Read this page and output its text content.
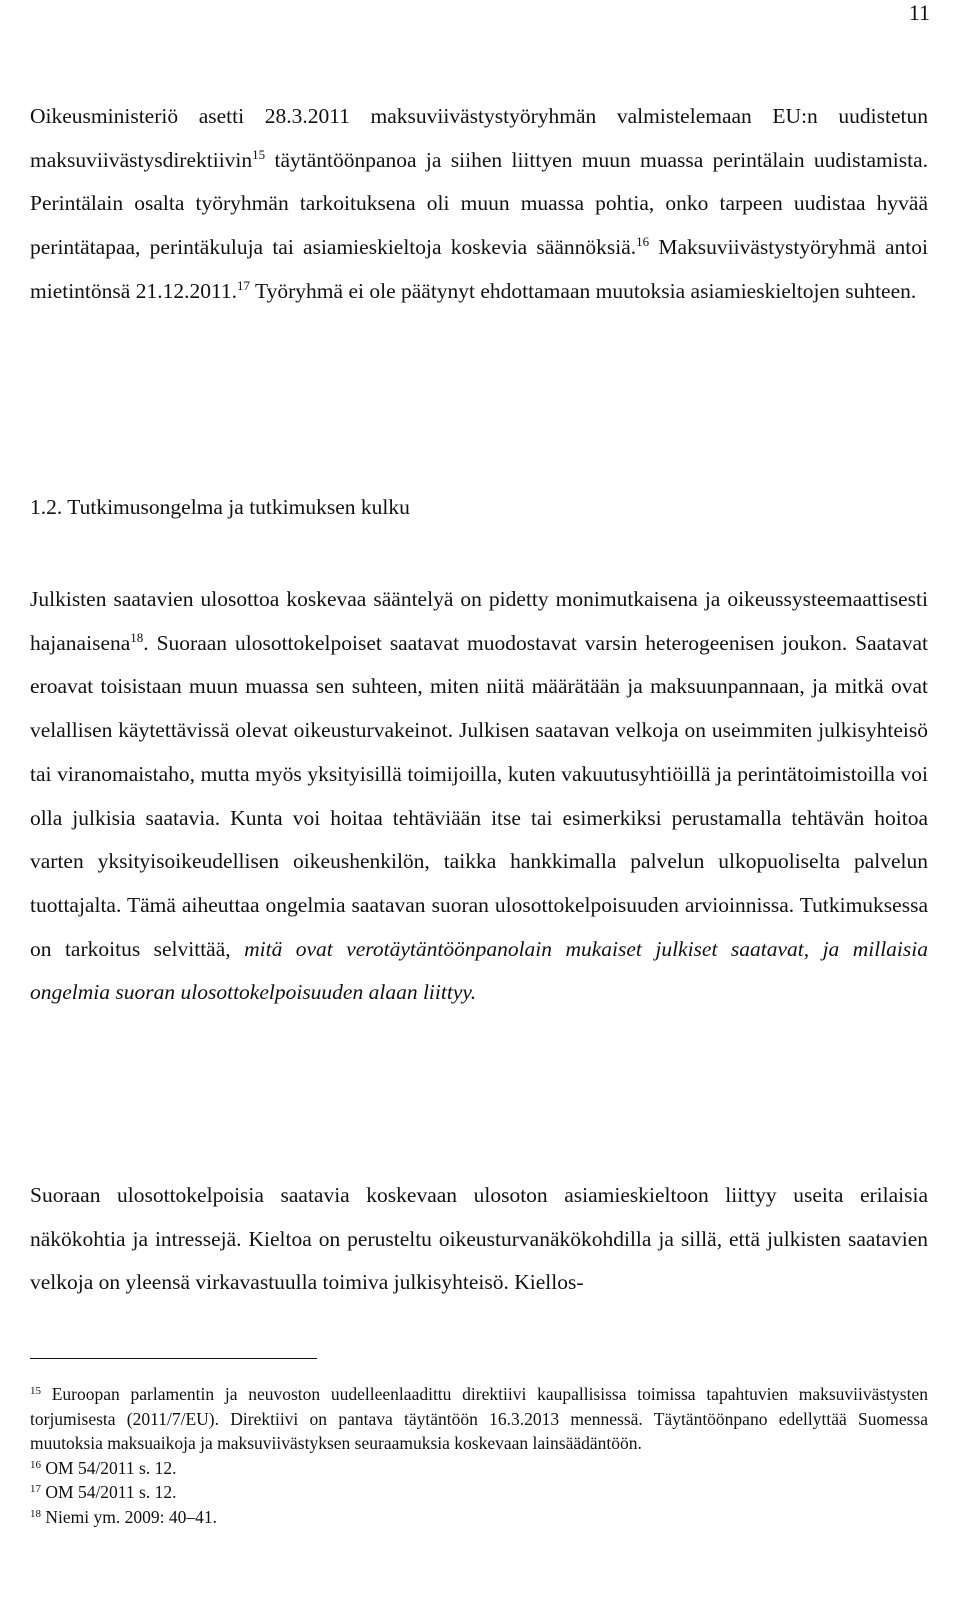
11

Oikeusministeriö asetti 28.3.2011 maksuviivästystyöryhmän valmistelemaan EU:n uudistetun maksuviivästysdirektiivin$^{15}$ täytäntöönpanoa ja siihen liittyen muun muassa perintälain uudistamista. Perintälain osalta työryhmän tarkoituksena oli muun muassa pohtia, onko tarpeen uudistaa hyvää perintätapaa, perintäkuluja tai asiamieskieltoja koskevia säännöksiä.$^{16}$ Maksuviivästystyöryhmä antoi mietintönsä 21.12.2011.17 Työryhmä ei ole päätynyt ehdottamaan muutoksia asiamieskieltojen suhteen.

1.2. Tutkimusongelma ja tutkimuksen kulku

Julkisten saatavien ulosottoa koskevaa sääntelyä on pidetty monimutkaisena ja oikeussysteemaattisesti hajanaisena$^{18}$. Suoraan ulosottokelpoiset saatavat muodostavat varsin heterogeenisen joukon. Saatavat eroavat toisistaan muun muassa sen suhteen, miten niitä määrätään ja maksuunpannaan, ja mitkä ovat velallisen käytettävissä olevat oikeusturvakeinot. Julkisen saatavan velkoja on useimmiten julkisyhteisö tai viranomaistaho, mutta myös yksityisillä toimijoilla, kuten vakuutusyhtiöillä ja perintätoimistoilla voi olla julkisia saatavia. Kunta voi hoitaa tehtäviään itse tai esimerkiksi perustamalla tehtävän hoitoa varten yksityisoikeudellisen oikeushenkilön, taikka hankkimalla palvelun ulkopuoliselta palvelun tuottajalta. Tämä aiheuttaa ongelmia saatavan suoran ulosottokelpoisuuden arvioinnissa. Tutkimuksessa on tarkoitus selvittää, mitä ovat verotäytäntöönpanolain mukaiset julkiset saatavat, ja millaisia ongelmia suoran ulosottokelpoisuuden alaan liittyy.

Suoraan ulosottokelpoisia saatavia koskevaan ulosoton asiamieskieltoon liittyy useita erilaisia näkökohtia ja intressejä. Kieltoa on perusteltu oikeusturvanäkökohdilla ja sillä, että julkisten saatavien velkoja on yleensä virkavastuulla toimiva julkisyhteisö. Kiellos-

$^{15}$ Euroopan parlamentin ja neuvoston uudelleenlaadittu direktiivi kaupallisissa toimissa tapahtuvien maksuviivästysten torjumisesta (2011/7/EU). Direktiivi on pantava täytäntöön 16.3.2013 mennessä. Täytäntöönpano edellyttää Suomessa muutoksia maksuaikoja ja maksuviivästyksen seuraamuksia koskevaan lainsäädäntöön.

$^{16}$ OM 54/2011 s. 12.

$^{17}$ OM 54/2011 s. 12.

$^{18}$ Niemi ym. 2009: 40–41.
